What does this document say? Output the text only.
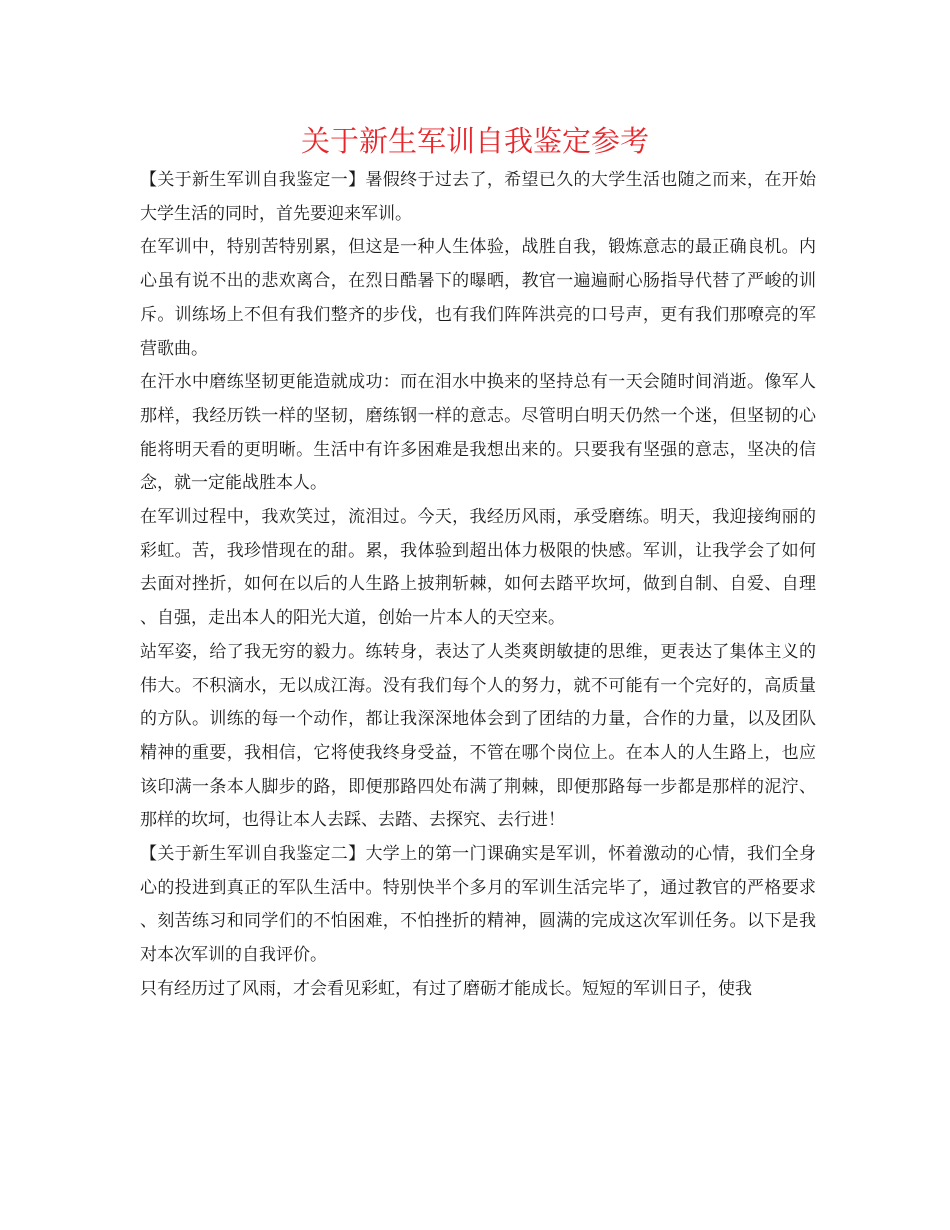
关于新生军训自我鉴定参考

【关于新生军训自我鉴定一】暑假终于过去了，希望已久的大学生活也随之而来，在开始大学生活的同时，首先要迎来军训。

在军训中，特别苦特别累，但这是一种人生体验，战胜自我，锻炼意志的最正确良机。内心虽有说不出的悲欢离合，在烈日酷暑下的曝晒，教官一遍遍耐心肠指导代替了严峻的训斥。训练场上不但有我们整齐的步伐，也有我们阵阵洪亮的口号声，更有我们那嘹亮的军营歌曲。

在汗水中磨练坚韧更能造就成功：而在泪水中换来的坚持总有一天会随时间消逝。像军人那样，我经历铁一样的坚韧，磨练钢一样的意志。尽管明白明天仍然一个迷，但坚韧的心能将明天看的更明晰。生活中有许多困难是我想出来的。只要我有坚强的意志，坚决的信念，就一定能战胜本人。

在军训过程中，我欢笑过，流泪过。今天，我经历风雨，承受磨练。明天，我迎接绚丽的彩虹。苦，我珍惜现在的甜。累，我体验到超出体力极限的快感。军训，让我学会了如何去面对挫折，如何在以后的人生路上披荆斩棘，如何去踏平坎坷，做到自制、自爱、自理、自强，走出本人的阳光大道，创始一片本人的天空来。

站军姿，给了我无穷的毅力。练转身，表达了人类爽朗敏捷的思维，更表达了集体主义的伟大。不积滴水，无以成江海。没有我们每个人的努力，就不可能有一个完好的，高质量的方队。训练的每一个动作，都让我深深地体会到了团结的力量，合作的力量，以及团队精神的重要，我相信，它将使我终身受益，不管在哪个岗位上。在本人的人生路上，也应该印满一条本人脚步的路，即便那路四处布满了荆棘，即便那路每一步都是那样的泥泞、那样的坎坷，也得让本人去踩、去踏、去探究、去行进！

【关于新生军训自我鉴定二】大学上的第一门课确实是军训，怀着激动的心情，我们全身心的投进到真正的军队生活中。特别快半个多月的军训生活完毕了，通过教官的严格要求、刻苦练习和同学们的不怕困难，不怕挫折的精神，圆满的完成这次军训任务。以下是我对本次军训的自我评价。

只有经历过了风雨，才会看见彩虹，有过了磨砺才能成长。短短的军训日子，使我
